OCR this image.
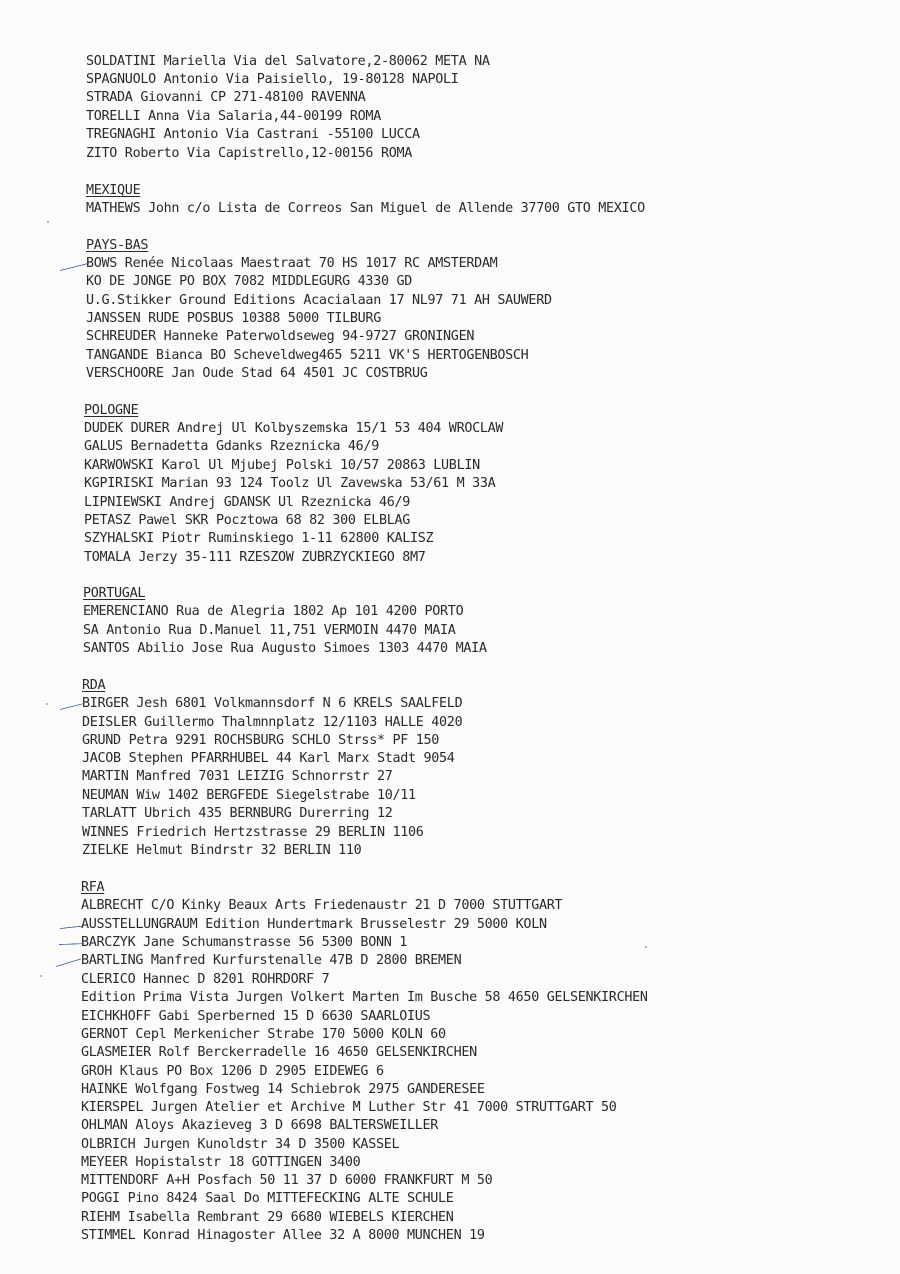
SOLDATINI Mariella Via del Salvatore,2-80062 META NA
SPAGNUOLO Antonio Via Paisiello, 19-80128 NAPOLI
STRADA Giovanni CP 271-48100 RAVENNA
TORELLI Anna Via Salaria,44-00199 ROMA
TREGNAGHI Antonio Via Castrani -55100 LUCCA
ZITO Roberto Via Capistrello,12-00156 ROMA
MEXIQUE
MATHEWS John c/o Lista de Correos San Miguel de Allende 37700 GTO MEXICO
PAYS-BAS
BOWS Renée Nicolaas Maestraat 70 HS 1017 RC AMSTERDAM
KO DE JONGE PO BOX 7082 MIDDLEGURG 4330 GD
U.G.Stikker Ground Editions Acacialaan 17 NL97 71 AH SAUWERD
JANSSEN RUDE POSBUS 10388 5000 TILBURG
SCHREUDER Hanneke Paterwoldseweg 94-9727 GRONINGEN
TANGANDE Bianca BO Scheveldweg465 5211 VK'S HERTOGENBOSCH
VERSCHOORE Jan Oude Stad 64 4501 JC COSTBRUG
POLOGNE
DUDEK DURER Andrej Ul Kolbyszemska 15/1 53 404 WROCLAW
GALUS Bernadetta Gdanks Rzeznicka 46/9
KARWOWSKI Karol Ul Mjubej Polski 10/57 20863 LUBLIN
KGPIRISKI Marian 93 124 Toolz Ul Zavewska 53/61 M 33A
LIPNIEWSKI Andrej GDANSK Ul Rzeznicka 46/9
PETASZ Pawel SKR Pocztowa 68 82 300 ELBLAG
SZYHALSKI Piotr Ruminskiego 1-11 62800 KALISZ
TOMALA Jerzy 35-111 RZESZOW ZUBRZYCKIEGO 8M7
PORTUGAL
EMERENCIANO Rua de Alegria 1802 Ap 101 4200 PORTO
SA Antonio Rua D.Manuel 11,751 VERMOIN 4470 MAIA
SANTOS Abilio Jose Rua Augusto Simoes 1303 4470 MAIA
RDA
BIRGER Jesh 6801 Volkmannsdorf N 6 KRELS SAALFELD
DEISLER Guillermo Thalmnnplatz 12/1103 HALLE 4020
GRUND Petra 9291 ROCHSBURG SCHLO Strss* PF 150
JACOB Stephen PFARRHUBEL 44 Karl Marx Stadt 9054
MARTIN Manfred 7031 LEIZIG Schnorrstr 27
NEUMAN Wiw 1402 BERGFEDE Siegelstrabe 10/11
TARLATT Ubrich 435 BERNBURG Durerring 12
WINNES Friedrich Hertzstrasse 29 BERLIN 1106
ZIELKE Helmut Bindrstr 32 BERLIN 110
RFA
ALBRECHT C/O Kinky Beaux Arts Friedenaustr 21 D 7000 STUTTGART
AUSSTELLUNGRAUM Edition Hundertmark Brusselestr 29 5000 KOLN
BARCZYK Jane Schumanstrasse 56 5300 BONN 1
BARTLING Manfred Kurfurstenalle 47B D 2800 BREMEN
CLERICO Hannec D 8201 ROHRDORF 7
Edition Prima Vista Jurgen Volkert Marten Im Busche 58 4650 GELSENKIRCHEN
EICHKHOFF Gabi Sperberned 15 D 6630 SAARLOIUS
GERNOT Cepl Merkenicher Strabe 170 5000 KOLN 60
GLASMEIER Rolf Berckerradelle 16 4650 GELSENKIRCHEN
GROH Klaus PO Box 1206 D 2905 EIDEWEG 6
HAINKE Wolfgang Fostweg 14 Schiebrok 2975 GANDERESEE
KIERSPEL Jurgen Atelier et Archive M Luther Str 41 7000 STRUTTGART 50
OHLMAN Aloys Akazieveg 3 D 6698 BALTERSWEILLER
OLBRICH Jurgen Kunoldstr 34 D 3500 KASSEL
MEYEER Hopistalstr 18 GOTTINGEN 3400
MITTENDORF A+H Posfach 50 11 37 D 6000 FRANKFURT M 50
POGGI Pino 8424 Saal Do MITTEFECKING ALTE SCHULE
RIEHM Isabella Rembrant 29 6680 WIEBELS KIERCHEN
STIMMEL Konrad Hinagoster Allee 32 A 8000 MUNCHEN 19
